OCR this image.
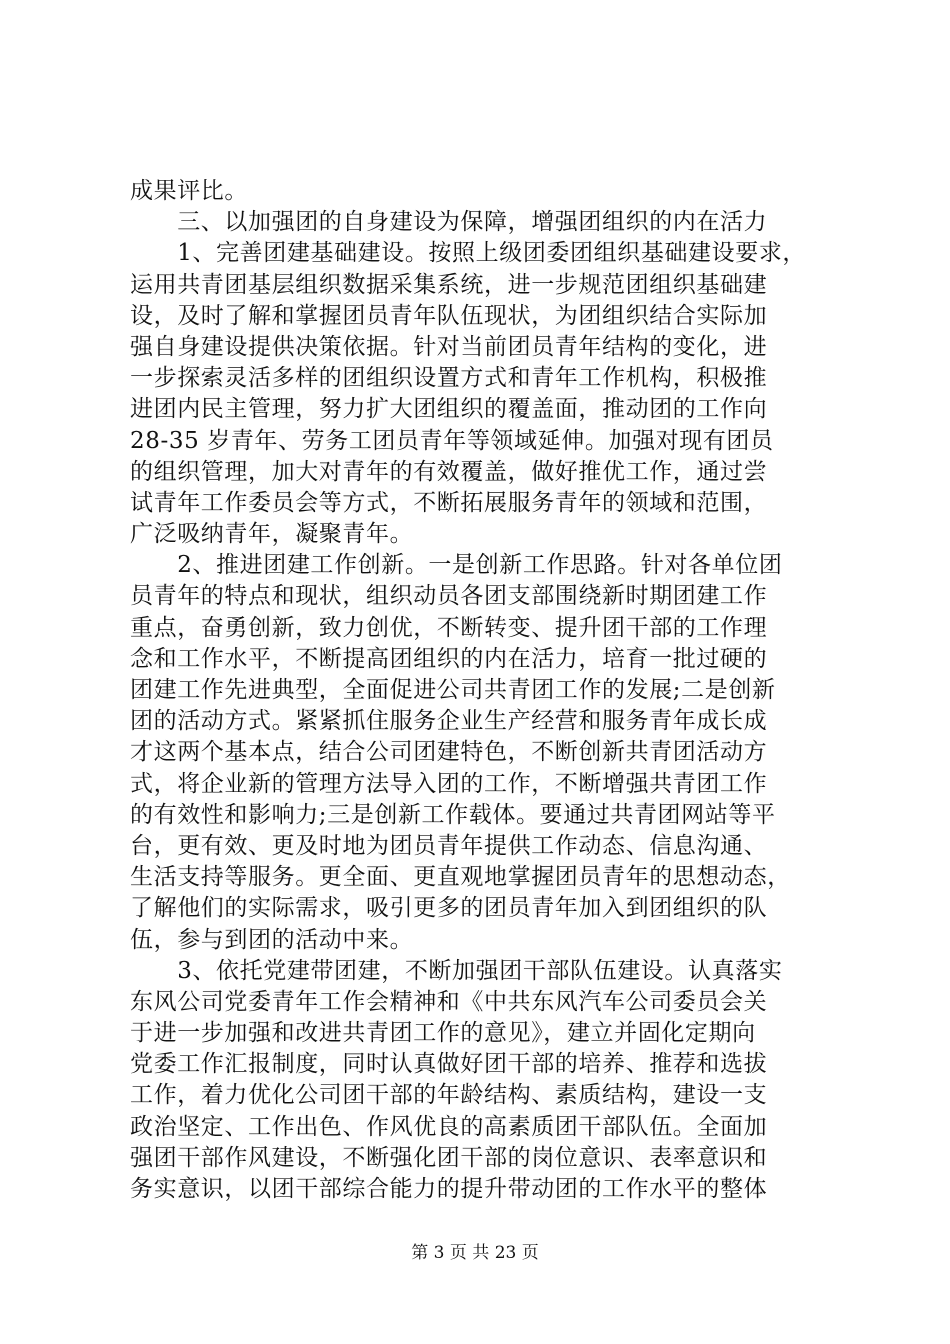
成果评比。
　　三、以加强团的自身建设为保障，增强团组织的内在活力
　　1、完善团建基础建设。按照上级团委团组织基础建设要求，
运用共青团基层组织数据采集系统，进一步规范团组织基础建
设，及时了解和掌握团员青年队伍现状，为团组织结合实际加
强自身建设提供决策依据。针对当前团员青年结构的变化，进
一步探索灵活多样的团组织设置方式和青年工作机构，积极推
进团内民主管理，努力扩大团组织的覆盖面，推动团的工作向
28-35 岁青年、劳务工团员青年等领域延伸。加强对现有团员
的组织管理，加大对青年的有效覆盖，做好推优工作，通过尝
试青年工作委员会等方式，不断拓展服务青年的领域和范围，
广泛吸纳青年，凝聚青年。
　　2、推进团建工作创新。一是创新工作思路。针对各单位团
员青年的特点和现状，组织动员各团支部围绕新时期团建工作
重点，奋勇创新，致力创优，不断转变、提升团干部的工作理
念和工作水平，不断提高团组织的内在活力，培育一批过硬的
团建工作先进典型，全面促进公司共青团工作的发展;二是创新
团的活动方式。紧紧抓住服务企业生产经营和服务青年成长成
才这两个基本点，结合公司团建特色，不断创新共青团活动方
式，将企业新的管理方法导入团的工作，不断增强共青团工作
的有效性和影响力;三是创新工作载体。要通过共青团网站等平
台，更有效、更及时地为团员青年提供工作动态、信息沟通、
生活支持等服务。更全面、更直观地掌握团员青年的思想动态，
了解他们的实际需求，吸引更多的团员青年加入到团组织的队
伍，参与到团的活动中来。
　　3、依托党建带团建，不断加强团干部队伍建设。认真落实
东风公司党委青年工作会精神和《中共东风汽车公司委员会关
于进一步加强和改进共青团工作的意见》，建立并固化定期向
党委工作汇报制度，同时认真做好团干部的培养、推荐和选拔
工作，着力优化公司团干部的年龄结构、素质结构，建设一支
政治坚定、工作出色、作风优良的高素质团干部队伍。全面加
强团干部作风建设，不断强化团干部的岗位意识、表率意识和
务实意识，以团干部综合能力的提升带动团的工作水平的整体
第 3 页 共 23 页
